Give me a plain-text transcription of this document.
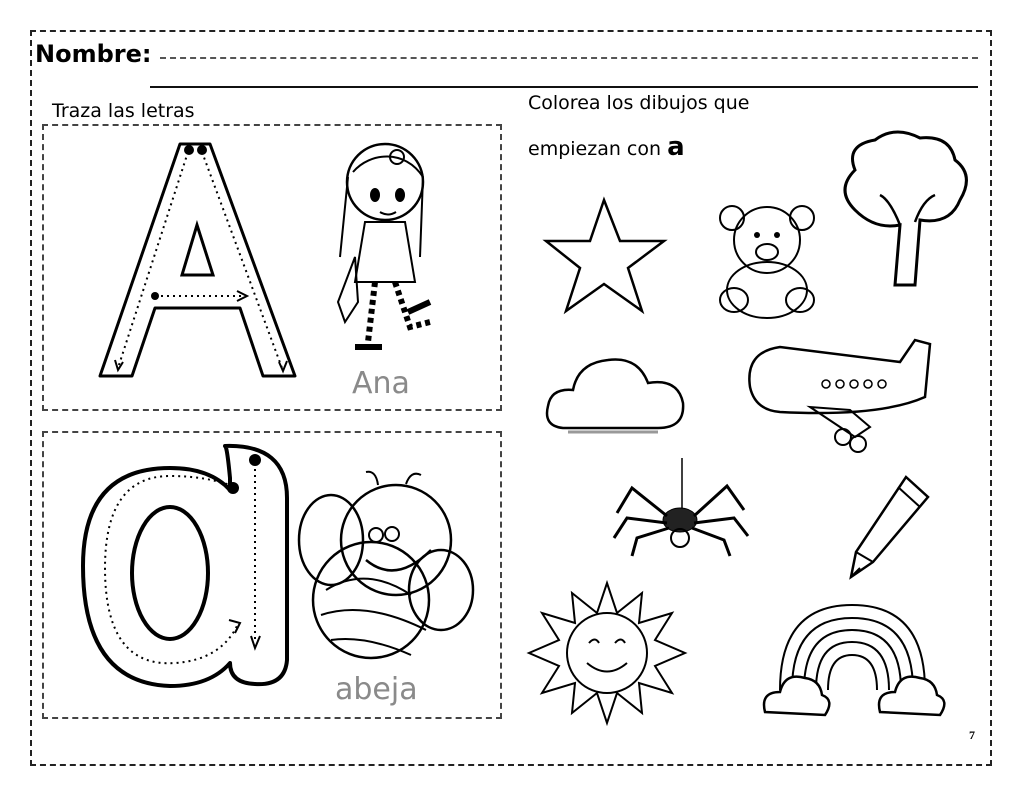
Nombre:
Traza las letras	Colorea los dibujos que
empiezan con a
Ana
abeja
7
